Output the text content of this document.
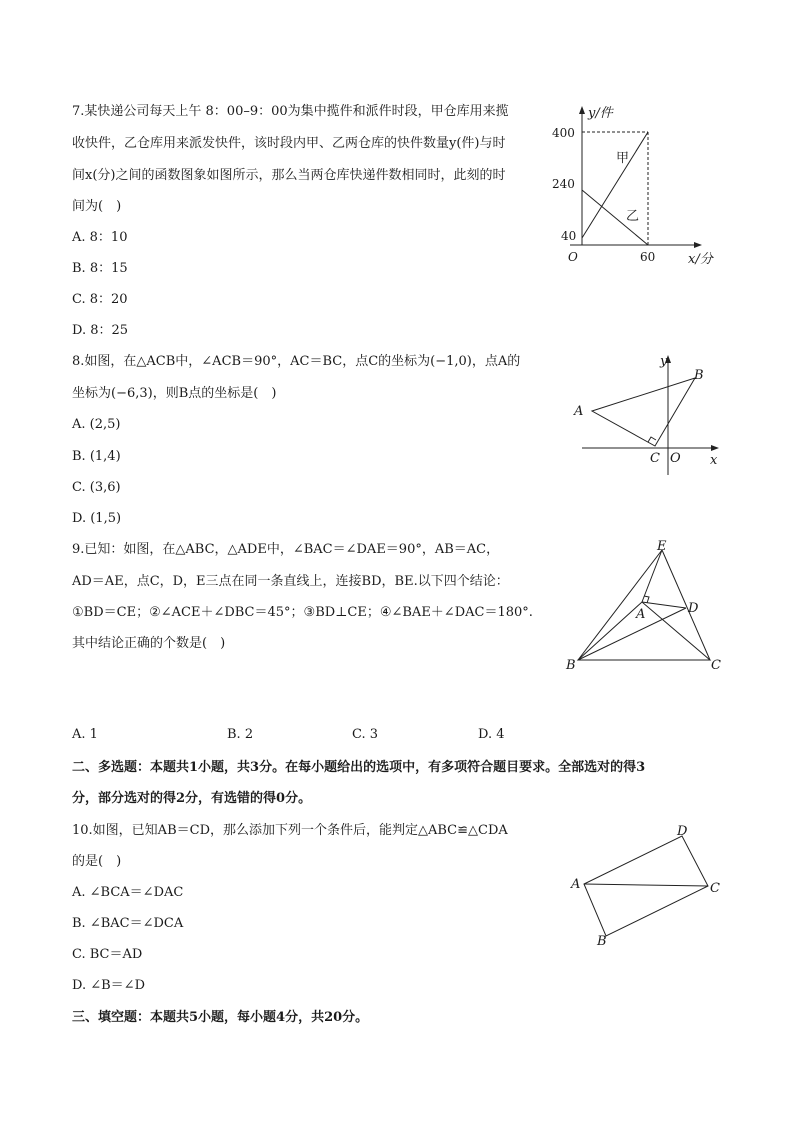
7.某快递公司每天上午 8：00–9：00为集中揽件和派件时段，甲仓库用来揽
收快件，乙仓库用来派发快件，该时段内甲、乙两仓库的快件数量y(件)与时
间x(分)之间的函数图象如图所示，那么当两仓库快递件数相同时，此刻的时
间为(　)
A. 8：10
B. 8：15
C. 8：20
D. 8：25
y/件
400
240
40
O	60	x/分
甲
乙
8.如图，在△ACB中，∠ACB＝90°，AC＝BC，点C的坐标为(−1,0)，点A的
坐标为(−6,3)，则B点的坐标是(　)
A. (2,5)
B. (1,4)
C. (3,6)
D. (1,5)
y
x
A
B
C O
9.已知：如图，在△ABC，△ADE中，∠BAC＝∠DAE＝90°，AB＝AC，
AD＝AE，点C，D，E三点在同一条直线上，连接BD，BE.以下四个结论：
①BD＝CE；②∠ACE＋∠DBC＝45°；③BD⊥CE；④∠BAE＋∠DAC＝180°.
其中结论正确的个数是(　)
A. 1	B. 2	C. 3	D. 4
E
D
A
B	C
二、多选题：本题共1小题，共3分。在每小题给出的选项中，有多项符合题目要求。全部选对的得3
分，部分选对的得2分，有选错的得0分。
10.如图，已知AB＝CD，那么添加下列一个条件后，能判定△ABC≌△CDA
的是(　)
A. ∠BCA＝∠DAC
B. ∠BAC＝∠DCA
C. BC＝AD
D. ∠B＝∠D
D
A	C
B
三、填空题：本题共5小题，每小题4分，共20分。
